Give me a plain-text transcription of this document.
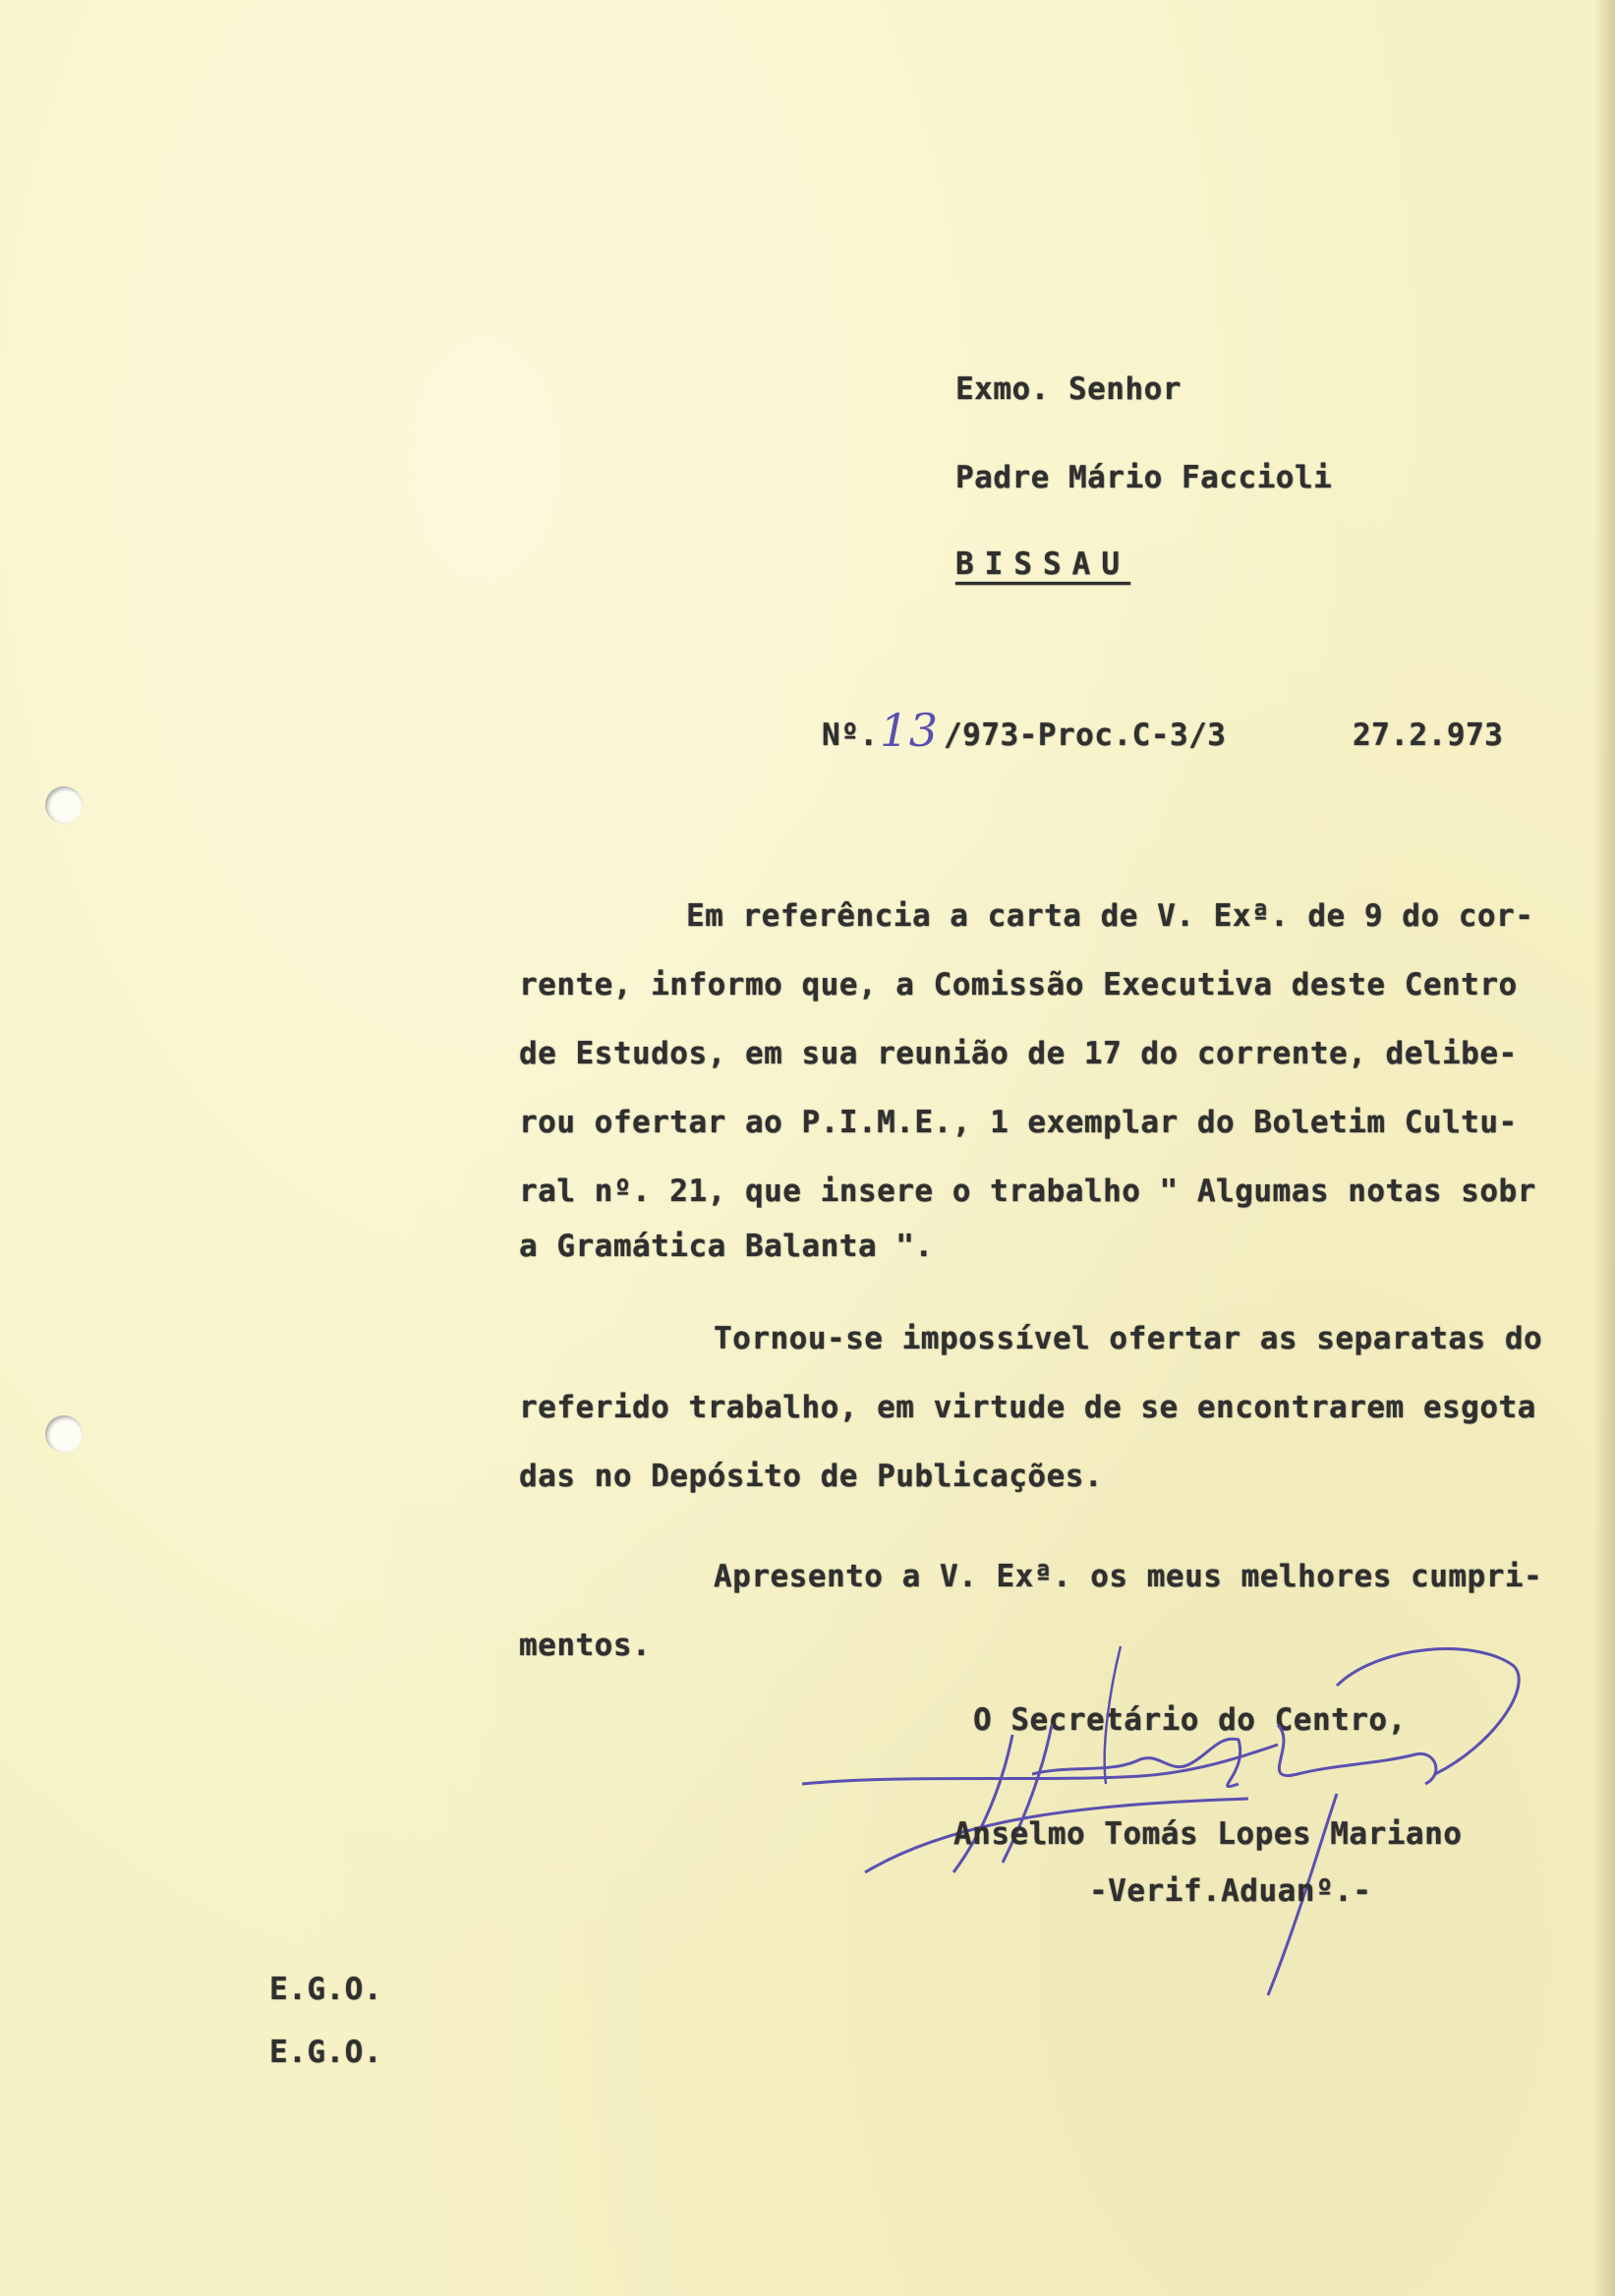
Exmo. Senhor

Padre Mário Faccioli

BISSAU

Nº. 13 /973-Proc.C-3/3	27.2.973

Em referência a carta de V. Exª. de 9 do cor-

rente, informo que, a Comissão Executiva deste Centro

de Estudos, em sua reunião de 17 do corrente, delibe-

rou ofertar ao P.I.M.E., 1 exemplar do Boletim Cultu-

ral nº. 21, que insere o trabalho " Algumas notas sobr

a Gramática Balanta ".

Tornou-se impossível ofertar as separatas do

referido trabalho, em virtude de se encontrarem esgota

das no Depósito de Publicações.

Apresento a V. Exª. os meus melhores cumpri-

mentos.

O Secretário do Centro,

Anselmo Tomás Lopes Mariano

-Verif.Aduanº.-

E.G.O.

E.G.O.
